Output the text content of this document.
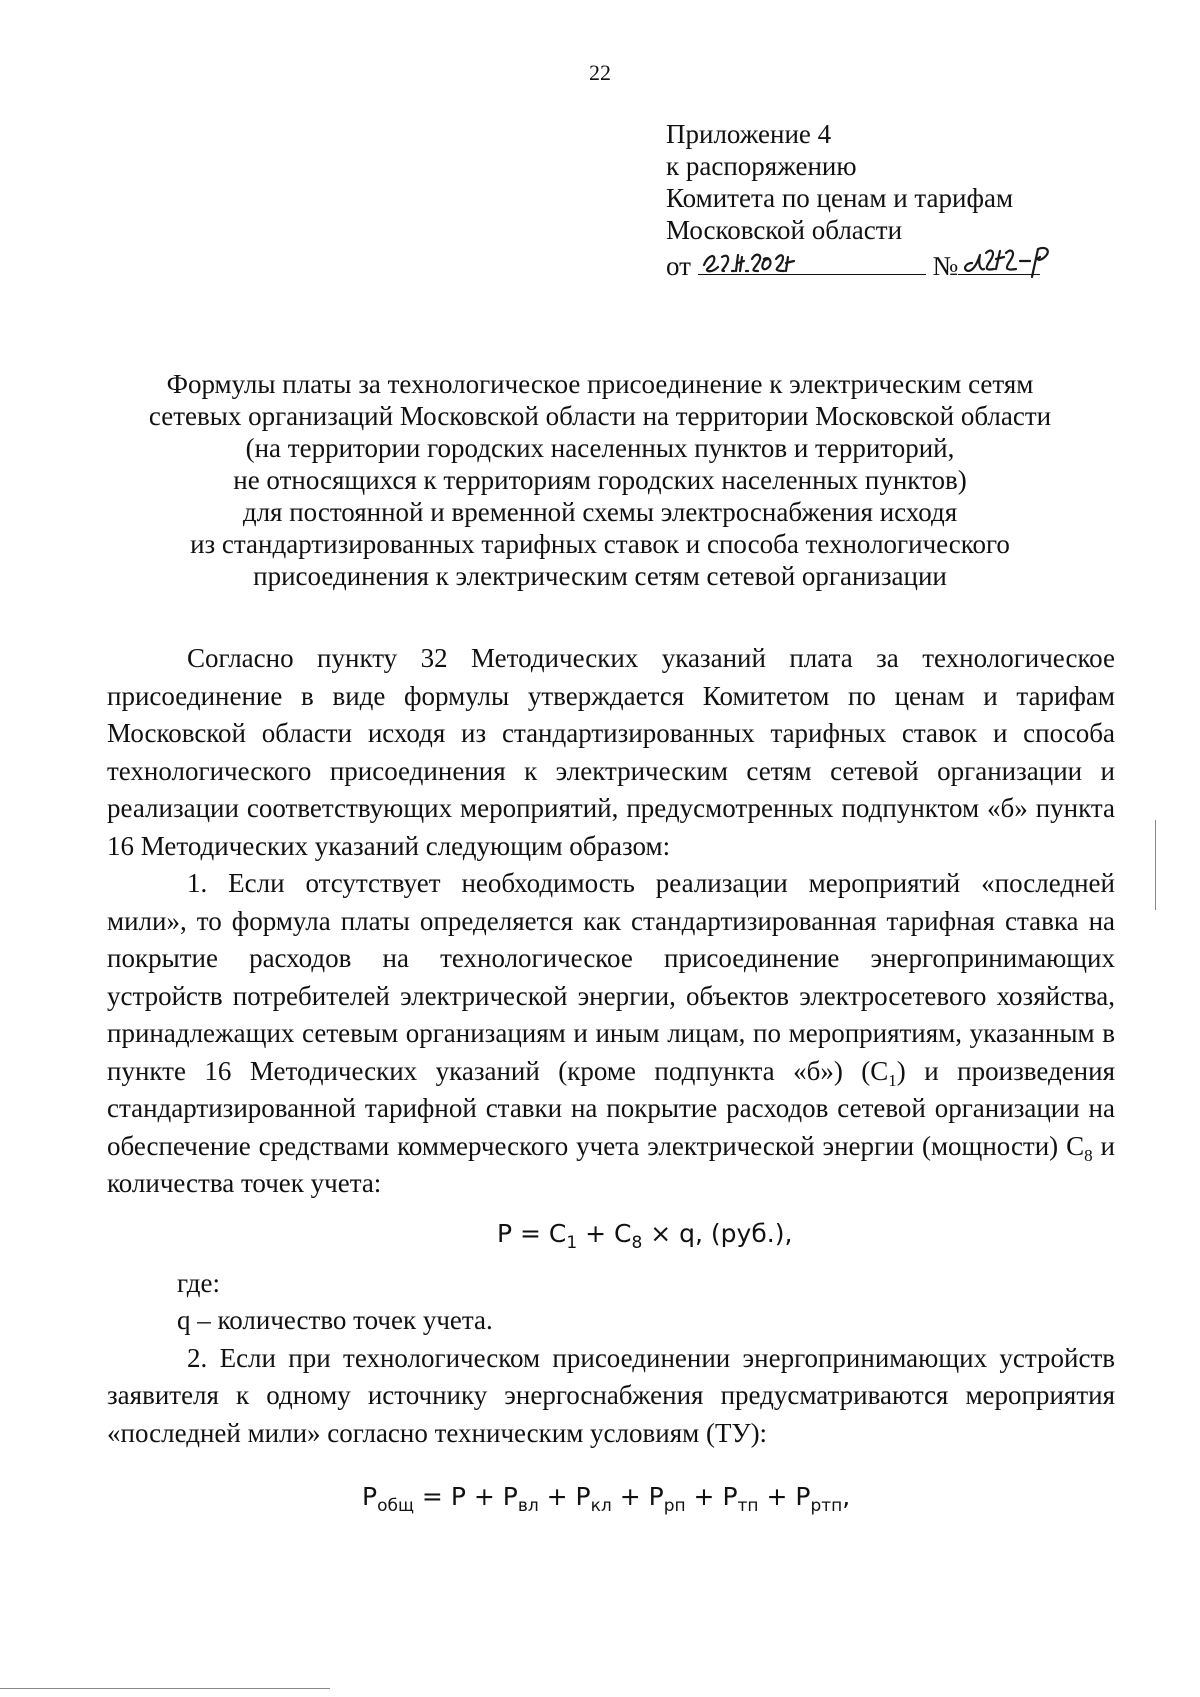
22
Приложение 4
к распоряжению
Комитета по ценам и тарифам
Московской области
от	№
Формулы платы за технологическое присоединение к электрическим сетям
сетевых организаций Московской области на территории Московской области
(на территории городских населенных пунктов и территорий,
не относящихся к территориям городских населенных пунктов)
для постоянной и временной схемы электроснабжения исходя
из стандартизированных тарифных ставок и способа технологического
присоединения к электрическим сетям сетевой организации

Согласно пункту 32 Методических указаний плата за технологическое присоединение в виде формулы утверждается Комитетом по ценам и тарифам Московской области исходя из стандартизированных тарифных ставок и способа технологического присоединения к электрическим сетям сетевой организации и реализации соответствующих мероприятий, предусмотренных подпунктом «б» пункта 16 Методических указаний следующим образом:

1. Если отсутствует необходимость реализации мероприятий «последней мили», то формула платы определяется как стандартизированная тарифная ставка на покрытие расходов на технологическое присоединение энергопринимающих устройств потребителей электрической энергии, объектов электросетевого хозяйства, принадлежащих сетевым организациям и иным лицам, по мероприятиям, указанным в пункте 16 Методических указаний (кроме подпункта «б») $(C_1)$ и произведения стандартизированной тарифной ставки на покрытие расходов сетевой организации на обеспечение средствами коммерческого учета электрической энергии (мощности) $C_8$ и количества точек учета:

$P = C_1 + C_8 \times q$, (руб.),

где:

q – количество точек учета.

2. Если при технологическом присоединении энергопринимающих устройств заявителя к одному источнику энергоснабжения предусматриваются мероприятия «последней мили» согласно техническим условиям (ТУ):

$P_{общ} = P + P_{вл} + P_{кл} + P_{рп} + P_{тп} + P_{ртп}$,
